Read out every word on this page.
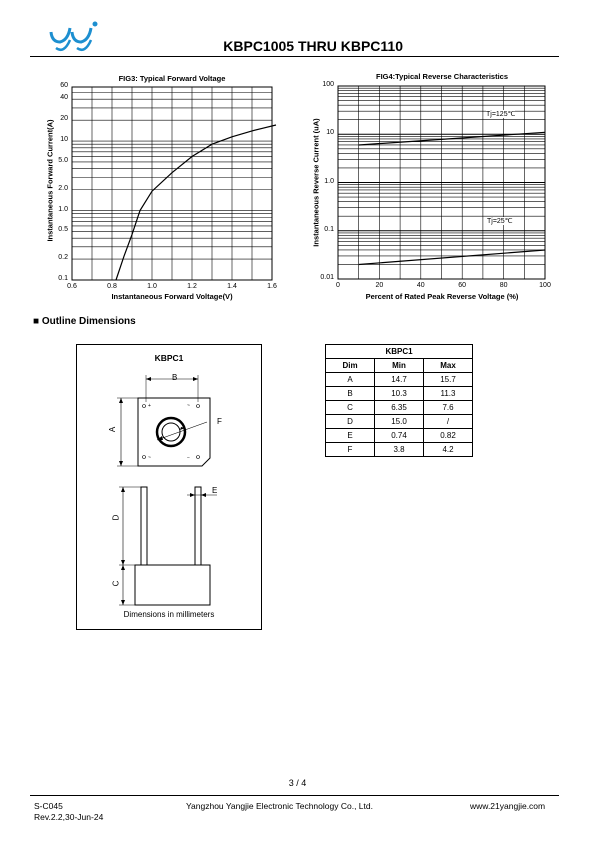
KBPC1005 THRU KBPC110
FIG3: Typical Forward Voltage
60
40
20
10
5.0
2.0
1.0
0.5
0.2
0.1
0.6	0.8	1.0	1.2	1.4	1.6
Instantaneous Forward Voltage(V)
Instantaneous Forward Current(A)
FIG4:Typical Reverse Characteristics
100
10
1.0
0.1
0.01
0	20	40	60	80	100
Percent of Rated Peak Reverse Voltage (%)
Instantaneous Reverse Current (uA)
Tj=125℃
Tj=25℃
■ Outline Dimensions
KBPC1
+	~
~	−
B
A
F
D
C
E
Dimensions in millimeters
KBPC1		
Dim	Min	Max
A	14.7	15.7
B	10.3	11.3
C	6.35	7.6
D	15.0	/
E	0.74	0.82
F	3.8	4.2
3 / 4
S-C045
Rev.2.2,30-Jun-24
Yangzhou Yangjie Electronic Technology Co., Ltd.	www.21yangjie.com
